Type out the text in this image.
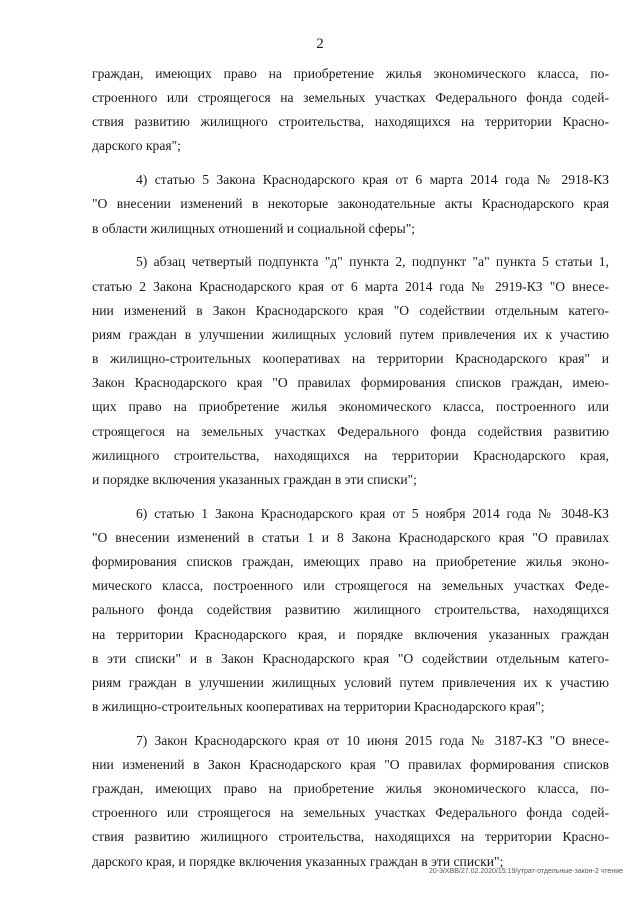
2
граждан, имеющих право на приобретение жилья экономического класса, по-
строенного или строящегося на земельных участках Федерального фонда содей-
ствия развитию жилищного строительства, находящихся на территории Красно-
дарского края";
4) статью 5 Закона Краснодарского края от 6 марта 2014 года № 2918-КЗ
"О внесении изменений в некоторые законодательные акты Краснодарского края
в области жилищных отношений и социальной сферы";
5) абзац четвертый подпункта "д" пункта 2, подпункт "а" пункта 5 статьи 1,
статью 2 Закона Краснодарского края от 6 марта 2014 года № 2919-КЗ "О внесе-
нии изменений в Закон Краснодарского края "О содействии отдельным катего-
риям граждан в улучшении жилищных условий путем привлечения их к участию
в жилищно-строительных кооперативах на территории Краснодарского края" и
Закон Краснодарского края "О правилах формирования списков граждан, имею-
щих право на приобретение жилья экономического класса, построенного или
строящегося на земельных участках Федерального фонда содействия развитию
жилищного строительства, находящихся на территории Краснодарского края,
и порядке включения указанных граждан в эти списки";
6) статью 1 Закона Краснодарского края от 5 ноября 2014 года № 3048-КЗ
"О внесении изменений в статьи 1 и 8 Закона Краснодарского края "О правилах
формирования списков граждан, имеющих право на приобретение жилья эконо-
мического класса, построенного или строящегося на земельных участках Феде-
рального фонда содействия развитию жилищного строительства, находящихся
на территории Краснодарского края, и порядке включения указанных граждан
в эти списки" и в Закон Краснодарского края "О содействии отдельным катего-
риям граждан в улучшении жилищных условий путем привлечения их к участию
в жилищно-строительных кооперативах на территории Краснодарского края";
7) Закон Краснодарского края от 10 июня 2015 года № 3187-КЗ "О внесе-
нии изменений в Закон Краснодарского края "О правилах формирования списков
граждан, имеющих право на приобретение жилья экономического класса, по-
строенного или строящегося на земельных участках Федерального фонда содей-
ствия развитию жилищного строительства, находящихся на территории Красно-
дарского края, и порядке включения указанных граждан в эти списки";
20-3/ХВВ/27.02.2020/15:19/утрат-отдельные-закон-2 чтение
